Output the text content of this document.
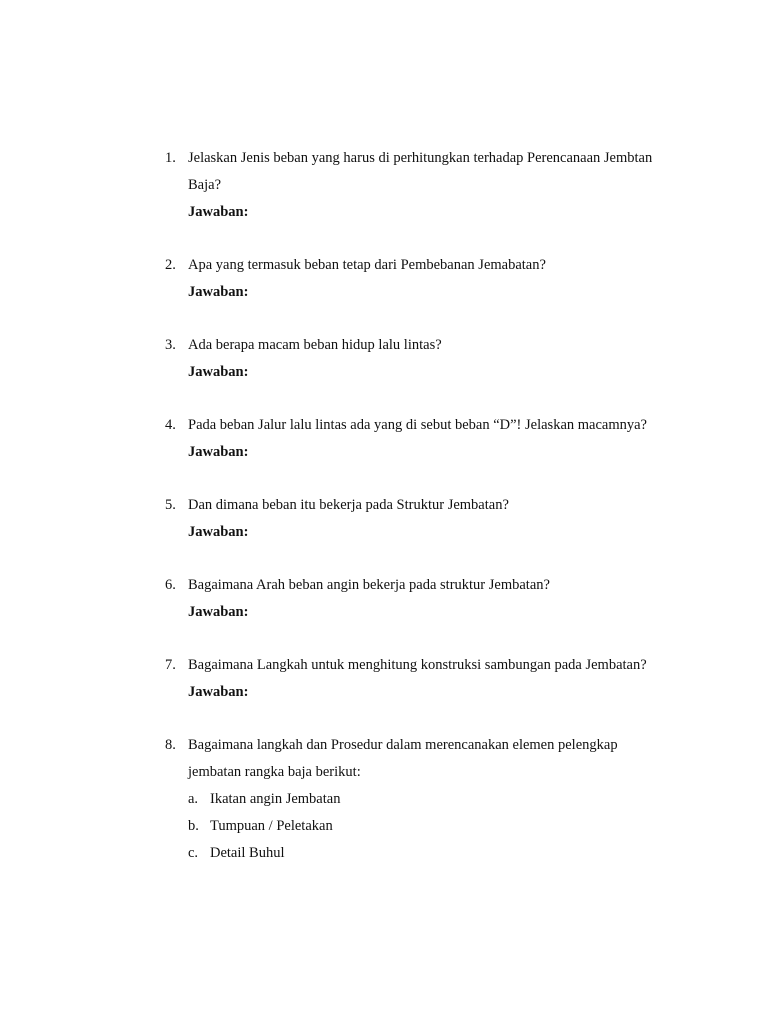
1. Jelaskan Jenis beban yang harus di perhitungkan terhadap Perencanaan Jembtan Baja?
Jawaban:
2. Apa yang termasuk beban tetap dari Pembebanan Jemabatan?
Jawaban:
3. Ada berapa macam beban hidup lalu lintas?
Jawaban:
4. Pada beban Jalur lalu lintas ada yang di sebut beban “D”! Jelaskan macamnya?
Jawaban:
5. Dan dimana beban itu bekerja pada Struktur Jembatan?
Jawaban:
6. Bagaimana Arah beban angin bekerja pada struktur Jembatan?
Jawaban:
7. Bagaimana Langkah untuk menghitung konstruksi sambungan pada Jembatan?
Jawaban:
8. Bagaimana langkah dan Prosedur dalam merencanakan elemen pelengkap jembatan rangka baja berikut:
a. Ikatan angin Jembatan
b. Tumpuan / Peletakan
c. Detail Buhul
